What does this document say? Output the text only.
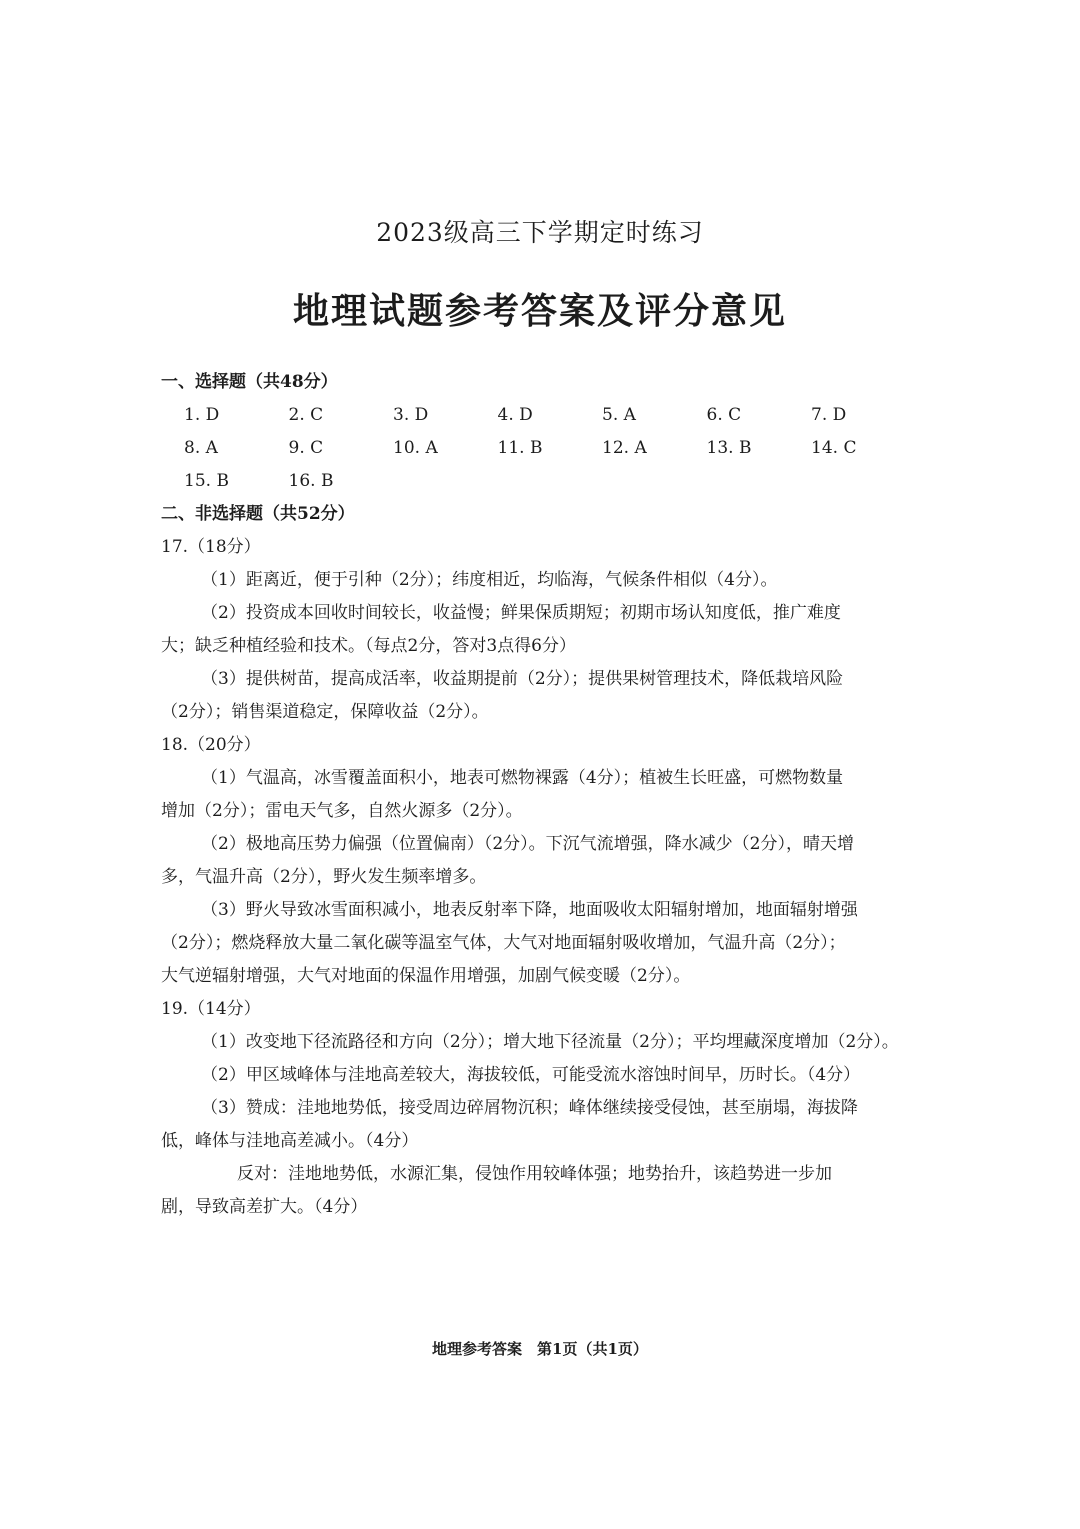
2023级高三下学期定时练习
地理试题参考答案及评分意见
一、选择题（共48分）
1. D	2. C	3. D	4. D	5. A	6. C	7. D
8. A	9. C	10. A	11. B	12. A	13. B	14. C
15. B	16. B
二、非选择题（共52分）
17.（18分）
（1）距离近，便于引种（2分）；纬度相近，均临海，气候条件相似（4分）。
（2）投资成本回收时间较长，收益慢；鲜果保质期短；初期市场认知度低，推广难度
大；缺乏种植经验和技术。（每点2分，答对3点得6分）
（3）提供树苗，提高成活率，收益期提前（2分）；提供果树管理技术，降低栽培风险
（2分）；销售渠道稳定，保障收益（2分）。
18.（20分）
（1）气温高，冰雪覆盖面积小，地表可燃物裸露（4分）；植被生长旺盛，可燃物数量
增加（2分）；雷电天气多，自然火源多（2分）。
（2）极地高压势力偏强（位置偏南）（2分）。下沉气流增强，降水减少（2分），晴天增
多，气温升高（2分），野火发生频率增多。
（3）野火导致冰雪面积减小，地表反射率下降，地面吸收太阳辐射增加，地面辐射增强
（2分）；燃烧释放大量二氧化碳等温室气体，大气对地面辐射吸收增加，气温升高（2分）；
大气逆辐射增强，大气对地面的保温作用增强，加剧气候变暖（2分）。
19.（14分）
（1）改变地下径流路径和方向（2分）；增大地下径流量（2分）；平均埋藏深度增加（2分）。
（2）甲区域峰体与洼地高差较大，海拔较低，可能受流水溶蚀时间早，历时长。（4分）
（3）赞成：洼地地势低，接受周边碎屑物沉积；峰体继续接受侵蚀，甚至崩塌，海拔降
低，峰体与洼地高差减小。（4分）
反对：洼地地势低，水源汇集，侵蚀作用较峰体强；地势抬升，该趋势进一步加
剧，导致高差扩大。（4分）
地理参考答案　第1页（共1页）
